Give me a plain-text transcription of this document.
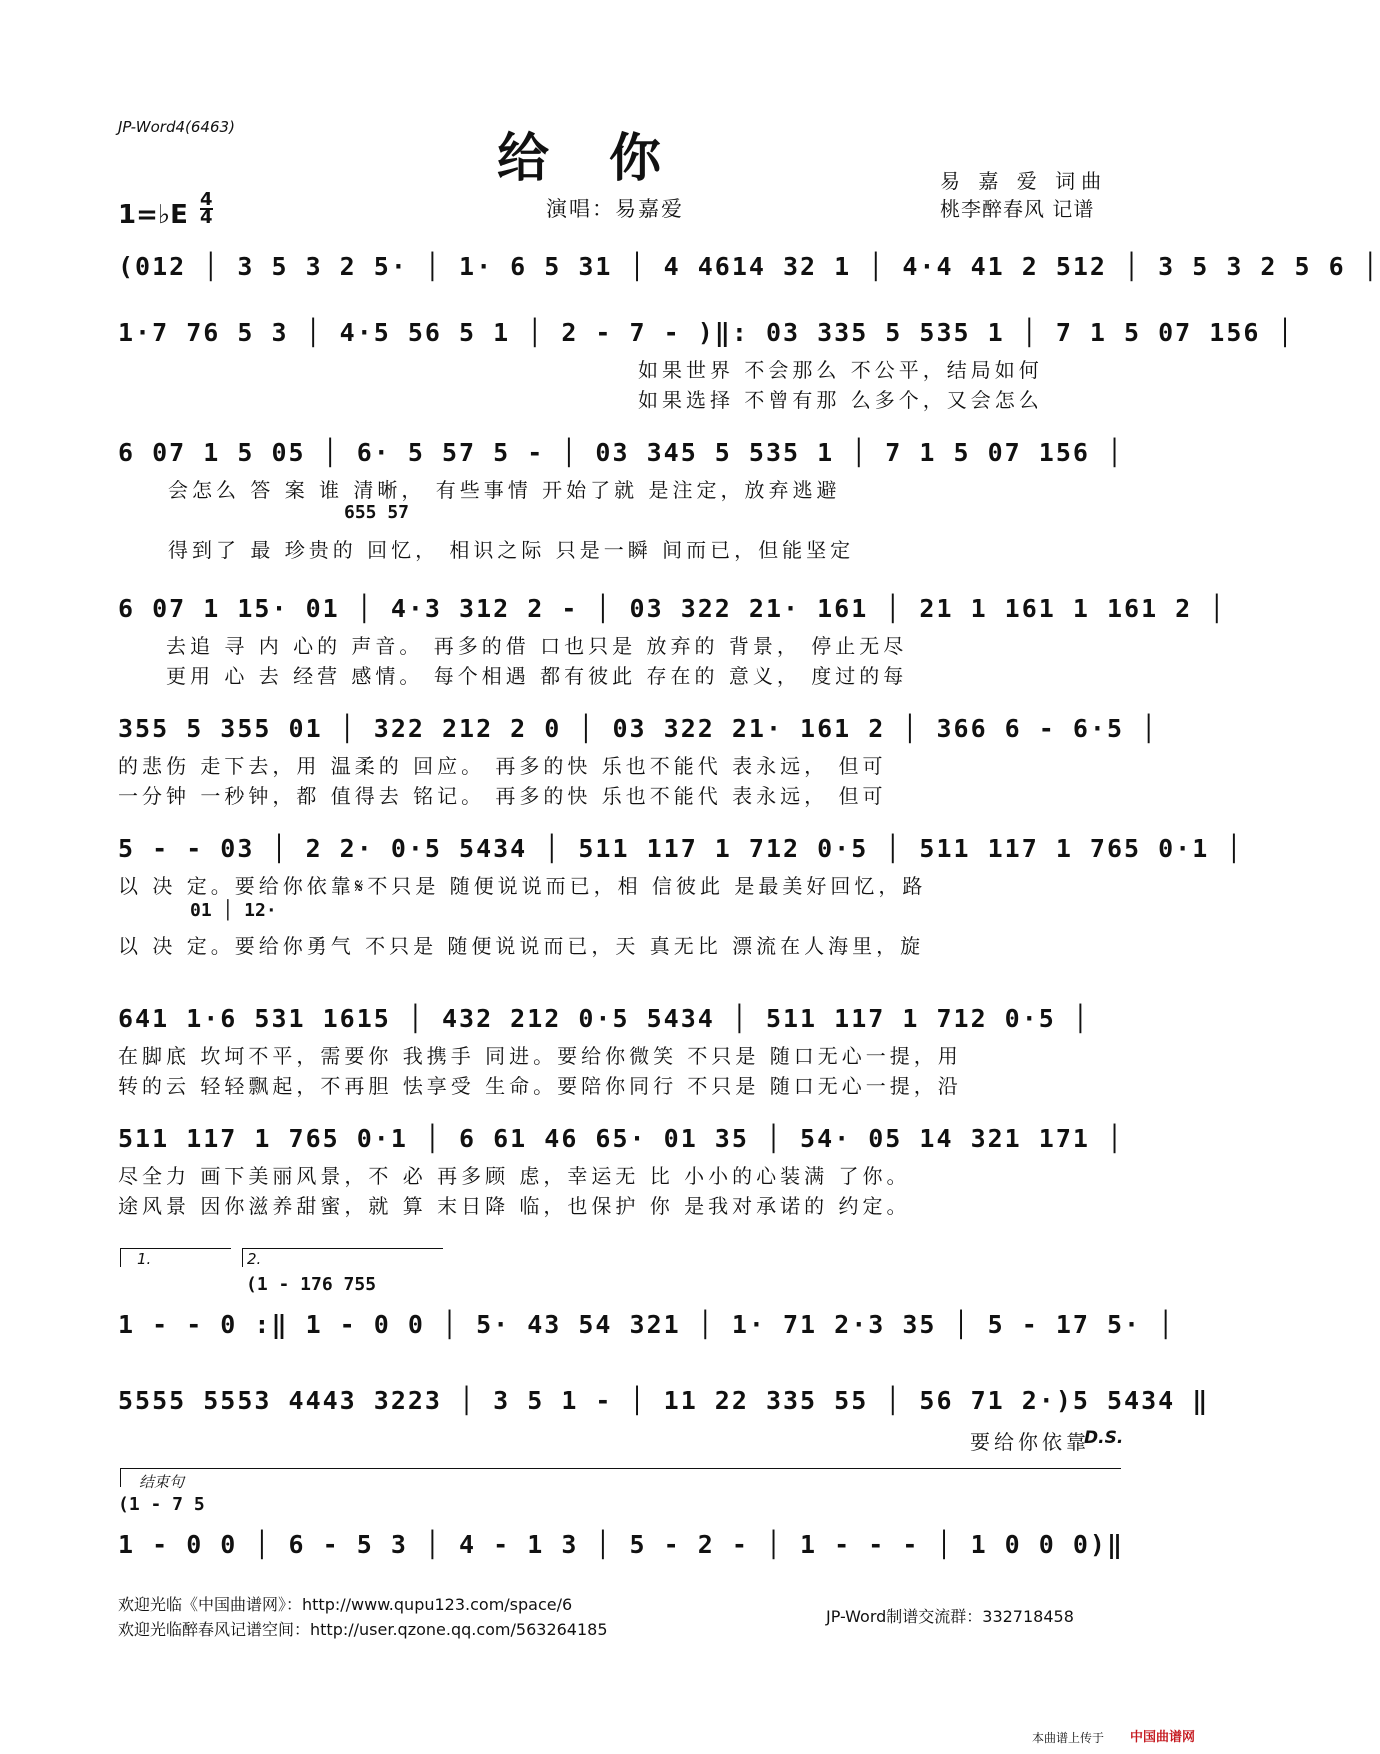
JP-Word4(6463)
给你	易 嘉 爱 词曲
桃李醉春风 记谱
演唱：易嘉爱
1=♭E $\frac{4}{4}$
(012 │ 3 5 3 2 5· │ 1· 6 5 31 │ 4 4614 32 1 │ 4·4 41 2 512 │ 3 5 3 2 5 6 │
1·7 76 5 3 │ 4·5 56 5 1 │ 2 - 7 - )‖: 03 335 5 535 1 │ 7 1 5 07 156 │
如果世界 不会那么 不公平，结局如何
如果选择 不曾有那 么多个，又会怎么
6 07 1 5 05 │ 6· 5 57 5 - │ 03 345 5 535 1 │ 7 1 5 07 156 │
会怎么 答 案 谁 清晰， 有些事情 开始了就 是注定，放弃逃避
655 57
得到了 最 珍贵的 回忆， 相识之际 只是一瞬 间而已，但能坚定
6 07 1 15· 01 │ 4·3 312 2 - │ 03 322 21· 161 │ 21 1 161 1 161 2 │
去追 寻 内 心的 声音。 再多的借 口也只是 放弃的 背景， 停止无尽
更用 心 去 经营 感情。 每个相遇 都有彼此 存在的 意义， 度过的每
355 5 355 01 │ 322 212 2 0 │ 03 322 21· 161 2 │ 366 6 - 6·5 │
的悲伤 走下去，用 温柔的 回应。 再多的快 乐也不能代 表永远， 但可
一分钟 一秒钟，都 值得去 铭记。 再多的快 乐也不能代 表永远， 但可
5 - - 03 │ 2 2· 0·5 5434 │ 511 117 1 712 0·5 │ 511 117 1 765 0·1 │
以 决 定。要给你依靠𝄋不只是 随便说说而已，相 信彼此 是最美好回忆，路
01 │ 12·
以 决 定。要给你勇气 不只是 随便说说而已，天 真无比 漂流在人海里，旋
641 1·6 531 1615 │ 432 212 0·5 5434 │ 511 117 1 712 0·5 │
在脚底 坎坷不平，需要你 我携手 同进。要给你微笑 不只是 随口无心一提，用
转的云 轻轻飘起，不再胆 怯享受 生命。要陪你同行 不只是 随口无心一提，沿
511 117 1 765 0·1 │ 6 61 46 65· 01 35 │ 54· 05 14 321 171 │
尽全力 画下美丽风景，不 必 再多顾 虑，幸运无 比 小小的心装满 了你。
途风景 因你滋养甜蜜，就 算 末日降 临，也保护 你 是我对承诺的 约定。
1.	2.
(1 - 176 755
1 - - 0 :‖ 1 - 0 0 │ 5· 43 54 321 │ 1· 71 2·3 35 │ 5 - 17 5· │
5555 5553 4443 3223 │ 3 5 1 - │ 11 22 335 55 │ 56 71 2·)5 5434 ‖
要给你依靠
D.S.
结束句
(1 - 7 5
1 - 0 0 │ 6 - 5 3 │ 4 - 1 3 │ 5 - 2 - │ 1 - - - │ 1 0 0 0)‖
欢迎光临《中国曲谱网》：http://www.qupu123.com/space/6
欢迎光临醉春风记谱空间：http://user.qzone.qq.com/563264185
JP-Word制谱交流群：332718458
本曲谱上传于 中国曲谱网
